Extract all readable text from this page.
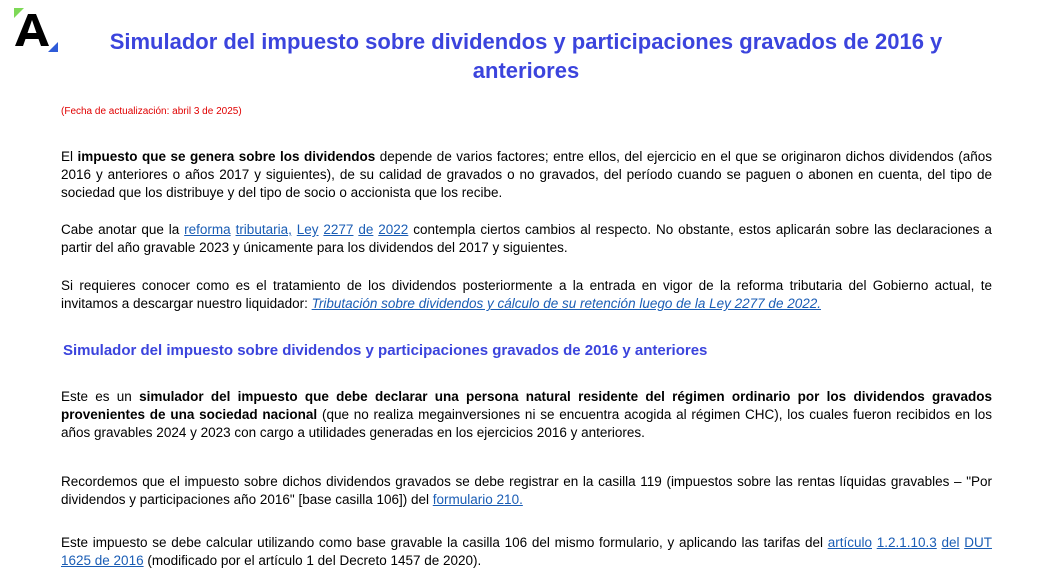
Simulador del impuesto sobre dividendos y participaciones gravados de 2016 y anteriores
(Fecha de actualización: abril 3 de 2025)

El impuesto que se genera sobre los dividendos depende de varios factores; entre ellos, del ejercicio en el que se originaron dichos dividendos (años 2016 y anteriores o años 2017 y siguientes), de su calidad de gravados o no gravados, del período cuando se paguen o abonen en cuenta, del tipo de sociedad que los distribuye y del tipo de socio o accionista que los recibe.

Cabe anotar que la reforma tributaria, Ley 2277 de 2022 contempla ciertos cambios al respecto. No obstante, estos aplicarán sobre las declaraciones a partir del año gravable 2023 y únicamente para los dividendos del 2017 y siguientes.

Si requieres conocer como es el tratamiento de los dividendos posteriormente a la entrada en vigor de la reforma tributaria del Gobierno actual, te invitamos a descargar nuestro liquidador: Tributación sobre dividendos y cálculo de su retención luego de la Ley 2277 de 2022.

Simulador del impuesto sobre dividendos y participaciones gravados de 2016 y anteriores

Este es un simulador del impuesto que debe declarar una persona natural residente del régimen ordinario por los dividendos gravados provenientes de una sociedad nacional (que no realiza megainversiones ni se encuentra acogida al régimen CHC), los cuales fueron recibidos en los años gravables 2024 y 2023 con cargo a utilidades generadas en los ejercicios 2016 y anteriores.

Recordemos que el impuesto sobre dichos dividendos gravados se debe registrar en la casilla 119 (impuestos sobre las rentas líquidas gravables – "Por dividendos y participaciones año 2016" [base casilla 106]) del formulario 210.

Este impuesto se debe calcular utilizando como base gravable la casilla 106 del mismo formulario, y aplicando las tarifas del artículo 1.2.1.10.3 del DUT 1625 de 2016 (modificado por el artículo 1 del Decreto 1457 de 2020).
